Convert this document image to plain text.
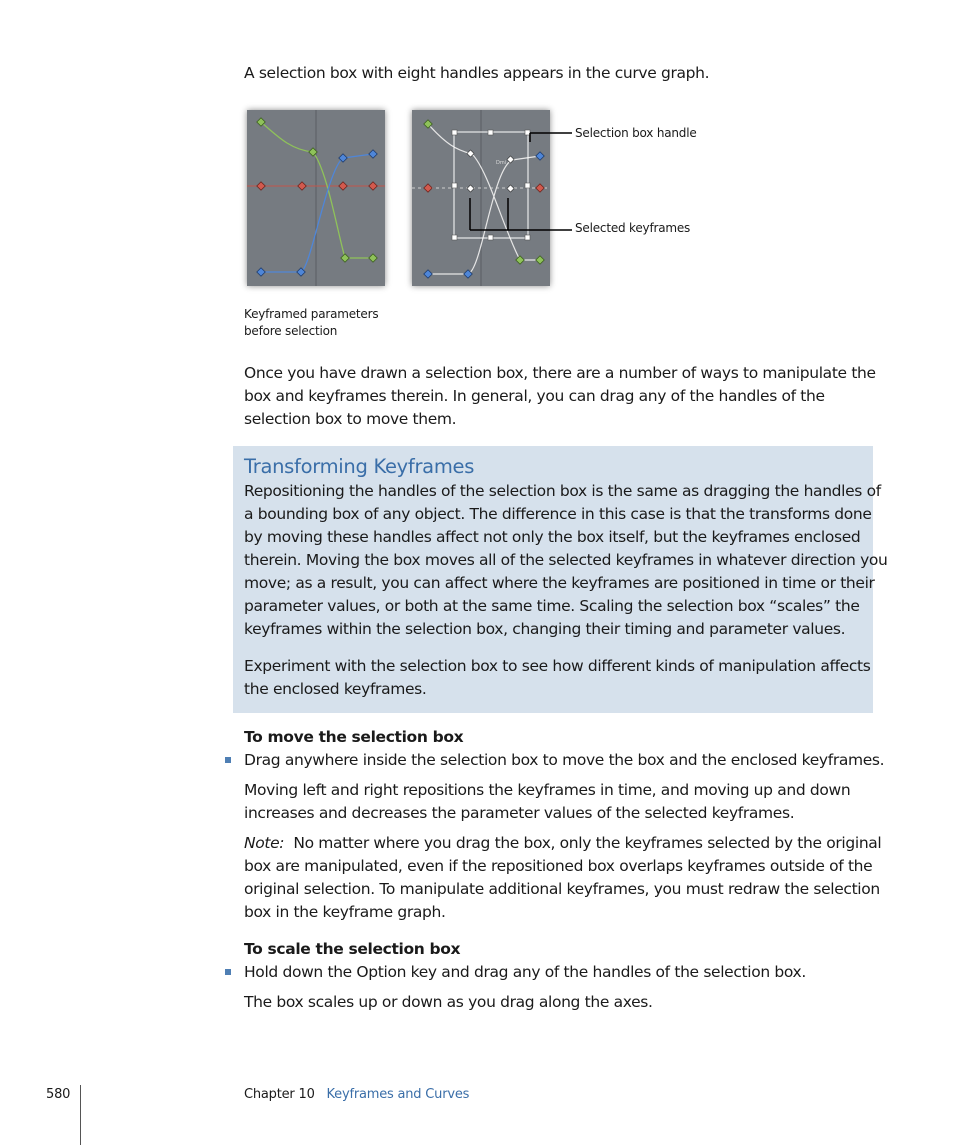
A selection box with eight handles appears in the curve graph.

Dmi
Selection box handle
Selected keyframes
Keyframed parameters
before selection

Once you have drawn a selection box, there are a number of ways to manipulate the box and keyframes therein. In general, you can drag any of the handles of the selection box to move them.

Transforming Keyframes
Repositioning the handles of the selection box is the same as dragging the handles of
a bounding box of any object. The difference in this case is that the transforms done
by moving these handles affect not only the box itself, but the keyframes enclosed
therein. Moving the box moves all of the selected keyframes in whatever direction you
move; as a result, you can affect where the keyframes are positioned in time or their
parameter values, or both at the same time. Scaling the selection box “scales” the
keyframes within the selection box, changing their timing and parameter values.
Experiment with the selection box to see how different kinds of manipulation affects
the enclosed keyframes.
To move the selection box
Drag anywhere inside the selection box to move the box and the enclosed keyframes.
Moving left and right repositions the keyframes in time, and moving up and down
increases and decreases the parameter values of the selected keyframes.
Note: No matter where you drag the box, only the keyframes selected by the original
box are manipulated, even if the repositioned box overlaps keyframes outside of the
original selection. To manipulate additional keyframes, you must redraw the selection
box in the keyframe graph.
To scale the selection box
Hold down the Option key and drag any of the handles of the selection box.
The box scales up or down as you drag along the axes.
580	Chapter 10 Keyframes and Curves
